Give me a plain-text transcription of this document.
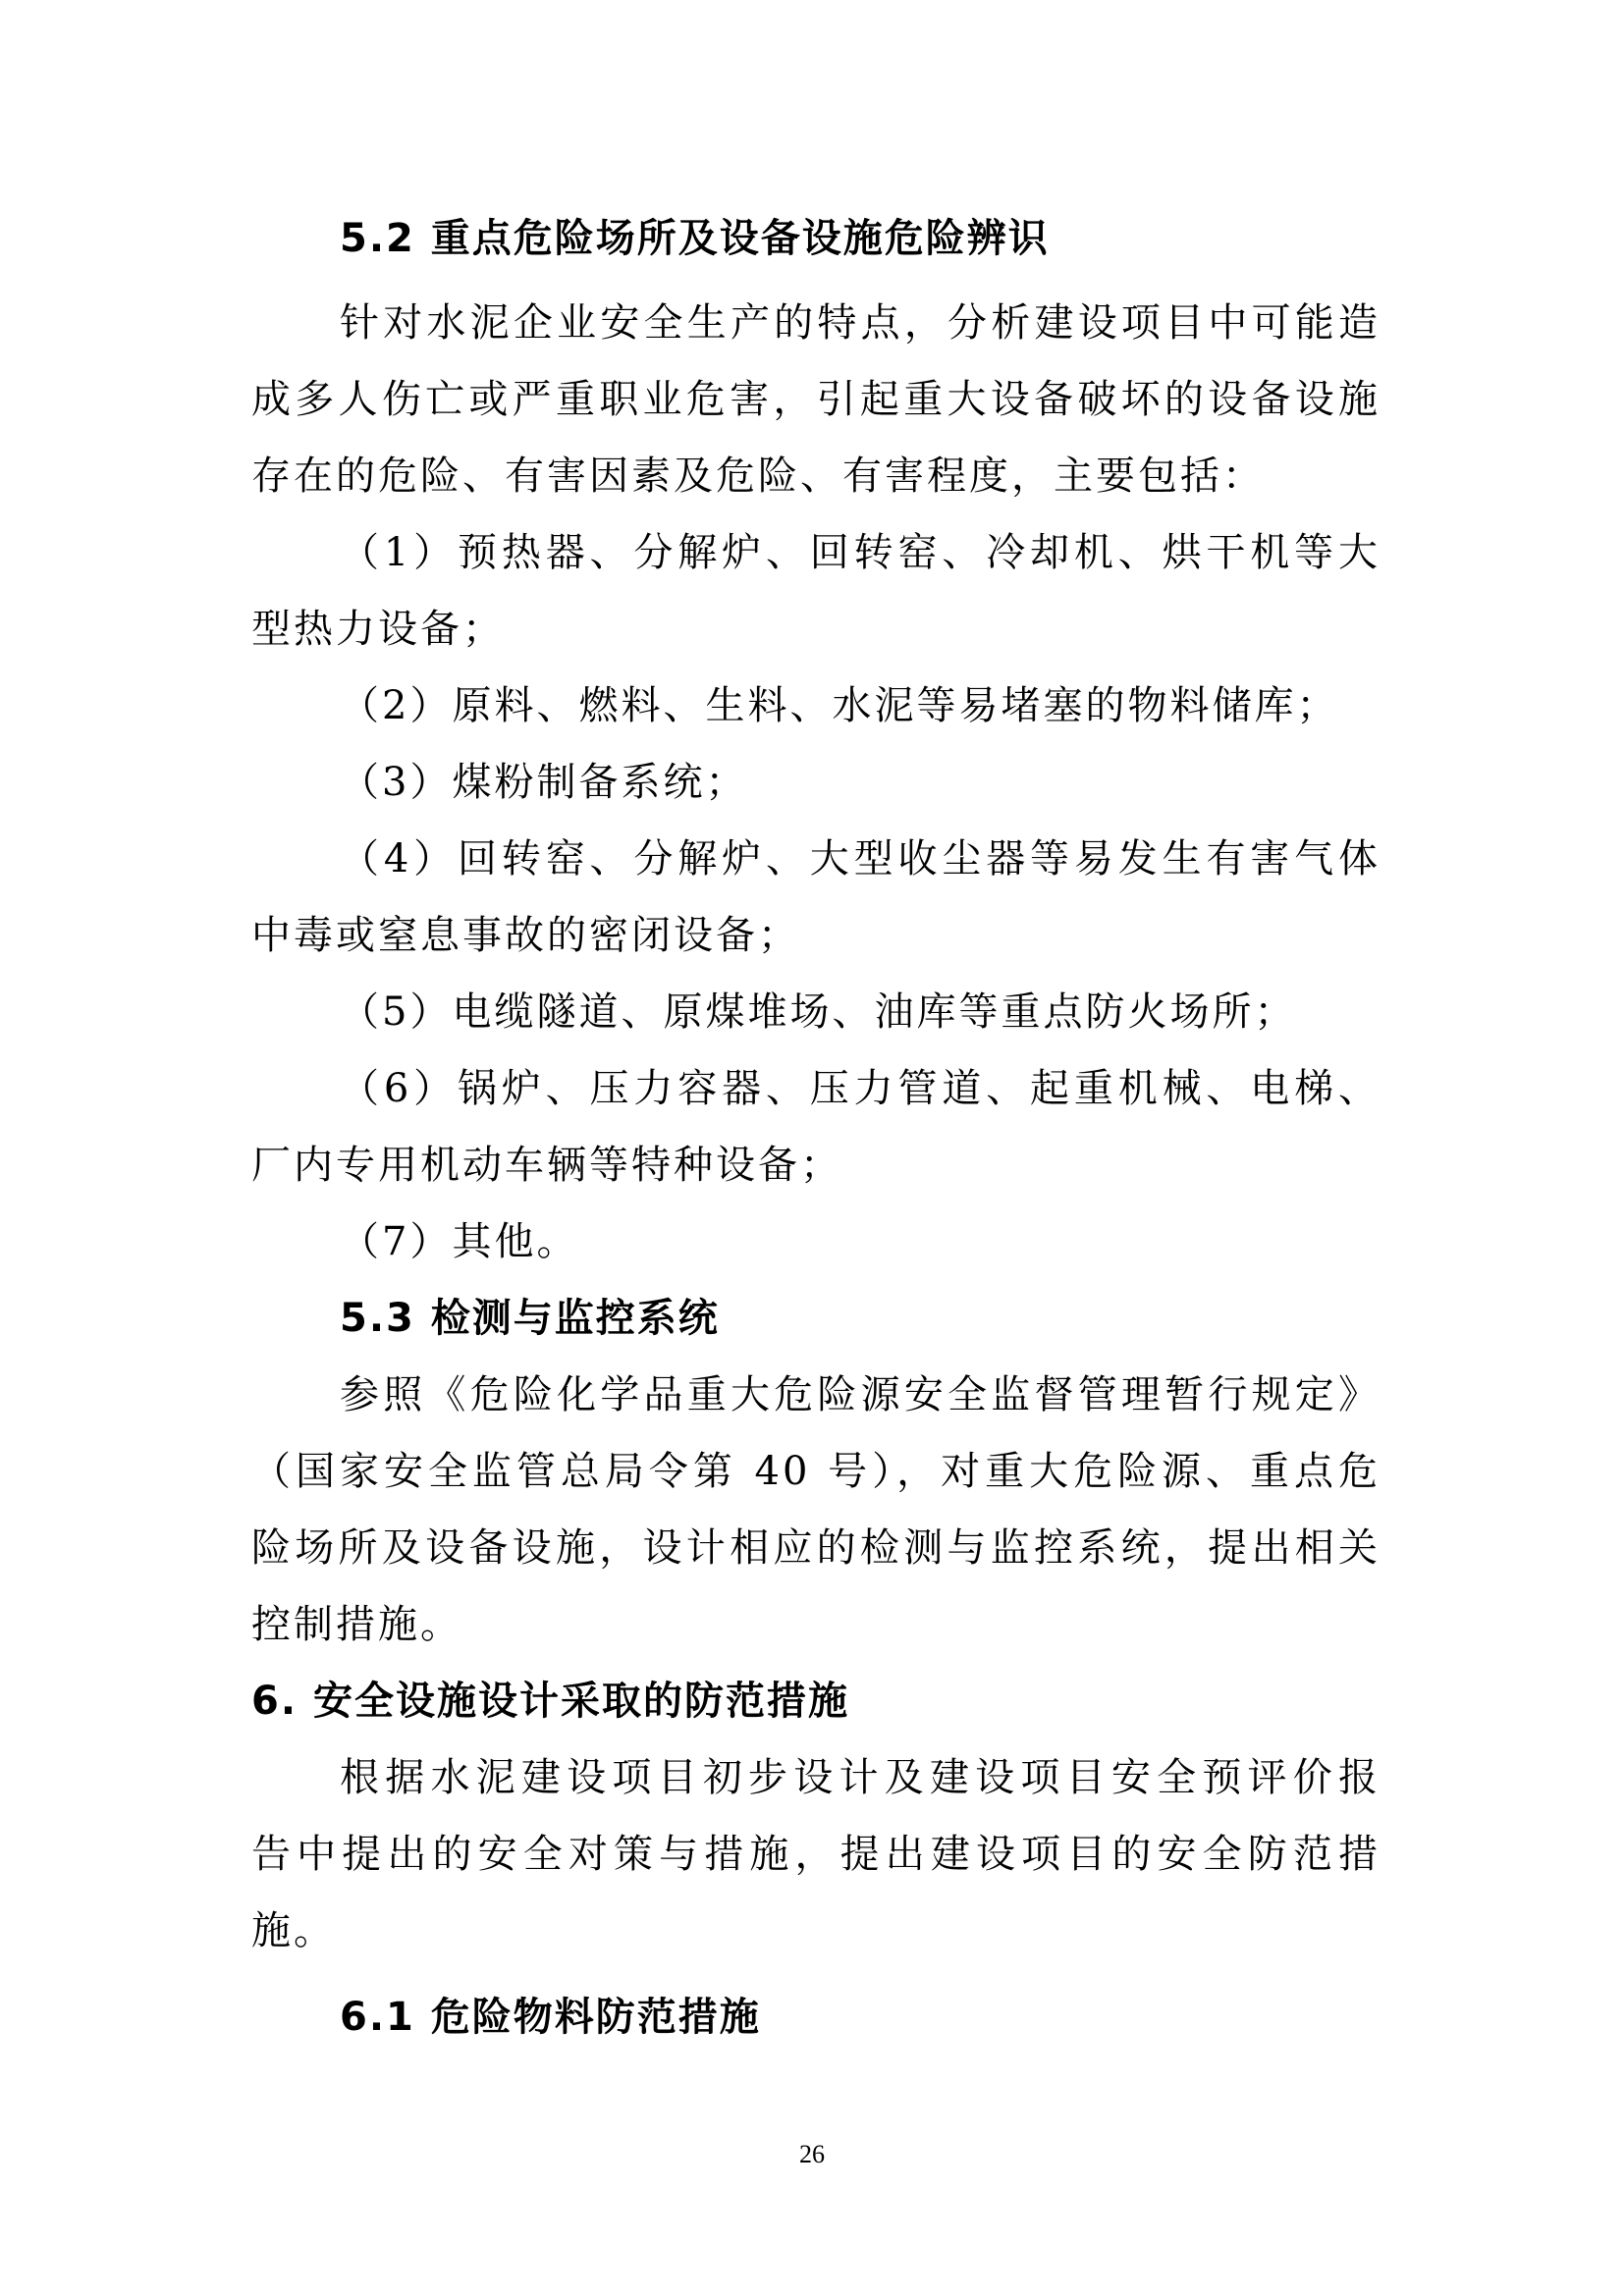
5.2 重点危险场所及设备设施危险辨识
针对水泥企业安全生产的特点，分析建设项目中可能造
成多人伤亡或严重职业危害，引起重大设备破坏的设备设施
存在的危险、有害因素及危险、有害程度，主要包括：
（1）预热器、分解炉、回转窑、冷却机、烘干机等大
型热力设备；
（2）原料、燃料、生料、水泥等易堵塞的物料储库；
（3）煤粉制备系统；
（4）回转窑、分解炉、大型收尘器等易发生有害气体
中毒或窒息事故的密闭设备；
（5）电缆隧道、原煤堆场、油库等重点防火场所；
（6）锅炉、压力容器、压力管道、起重机械、电梯、
厂内专用机动车辆等特种设备；
（7）其他。
5.3 检测与监控系统
参照《危险化学品重大危险源安全监督管理暂行规定》
（国家安全监管总局令第 40 号），对重大危险源、重点危
险场所及设备设施，设计相应的检测与监控系统，提出相关
控制措施。
6. 安全设施设计采取的防范措施
根据水泥建设项目初步设计及建设项目安全预评价报
告中提出的安全对策与措施，提出建设项目的安全防范措
施。
6.1 危险物料防范措施
26
